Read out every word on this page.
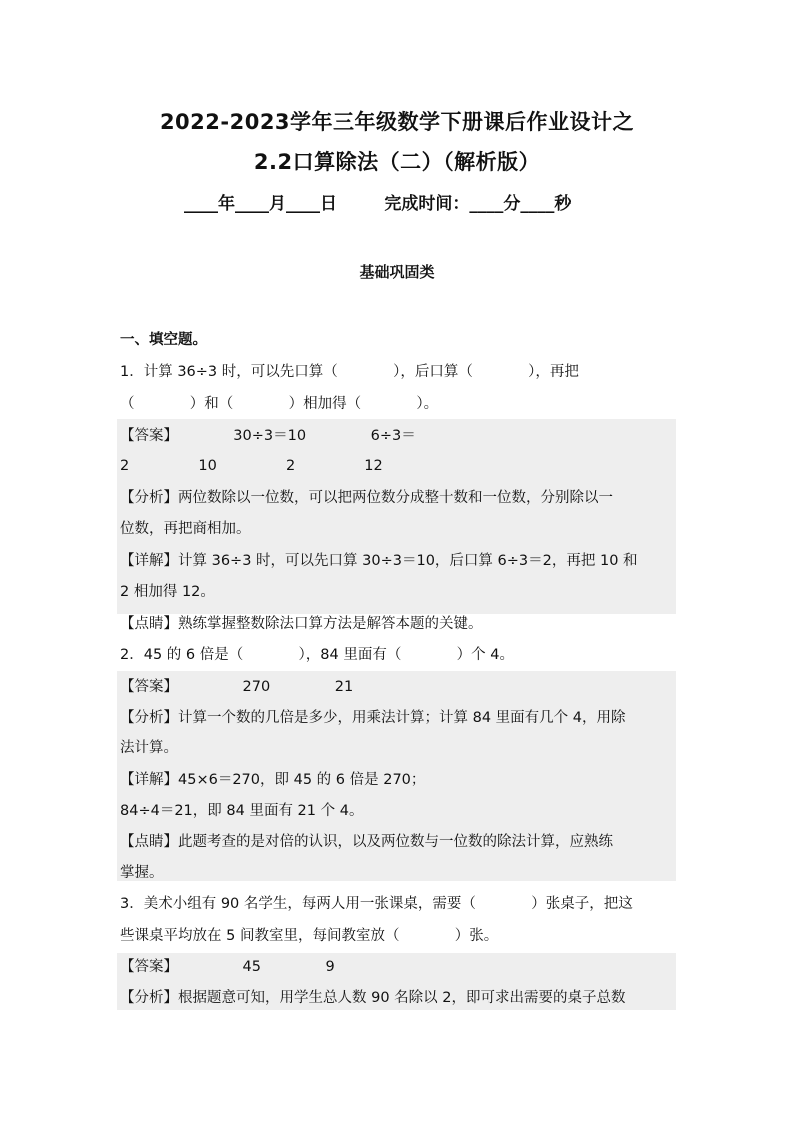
2022-2023学年三年级数学下册课后作业设计之
2.2口算除法（二）（解析版）
____年____月____日        完成时间：____分____秒
基础巩固类
一、填空题。
1．计算 36÷3 时，可以先口算（            ），后口算（            ），再把
（            ）和（            ）相加得（            ）。
【答案】            30÷3＝10              6÷3＝
2               10               2               12
【分析】两位数除以一位数，可以把两位数分成整十数和一位数，分别除以一
位数，再把商相加。
【详解】计算 36÷3 时，可以先口算 30÷3＝10，后口算 6÷3＝2，再把 10 和
2 相加得 12。
【点睛】熟练掌握整数除法口算方法是解答本题的关键。
2．45 的 6 倍是（            ），84 里面有（            ）个 4。
【答案】              270              21
【分析】计算一个数的几倍是多少，用乘法计算；计算 84 里面有几个 4，用除
法计算。
【详解】45×6＝270，即 45 的 6 倍是 270；
84÷4＝21，即 84 里面有 21 个 4。
【点睛】此题考查的是对倍的认识，以及两位数与一位数的除法计算，应熟练
掌握。
3．美术小组有 90 名学生，每两人用一张课桌，需要（            ）张桌子，把这
些课桌平均放在 5 间教室里，每间教室放（            ）张。
【答案】              45              9
【分析】根据题意可知，用学生总人数 90 名除以 2，即可求出需要的桌子总数
